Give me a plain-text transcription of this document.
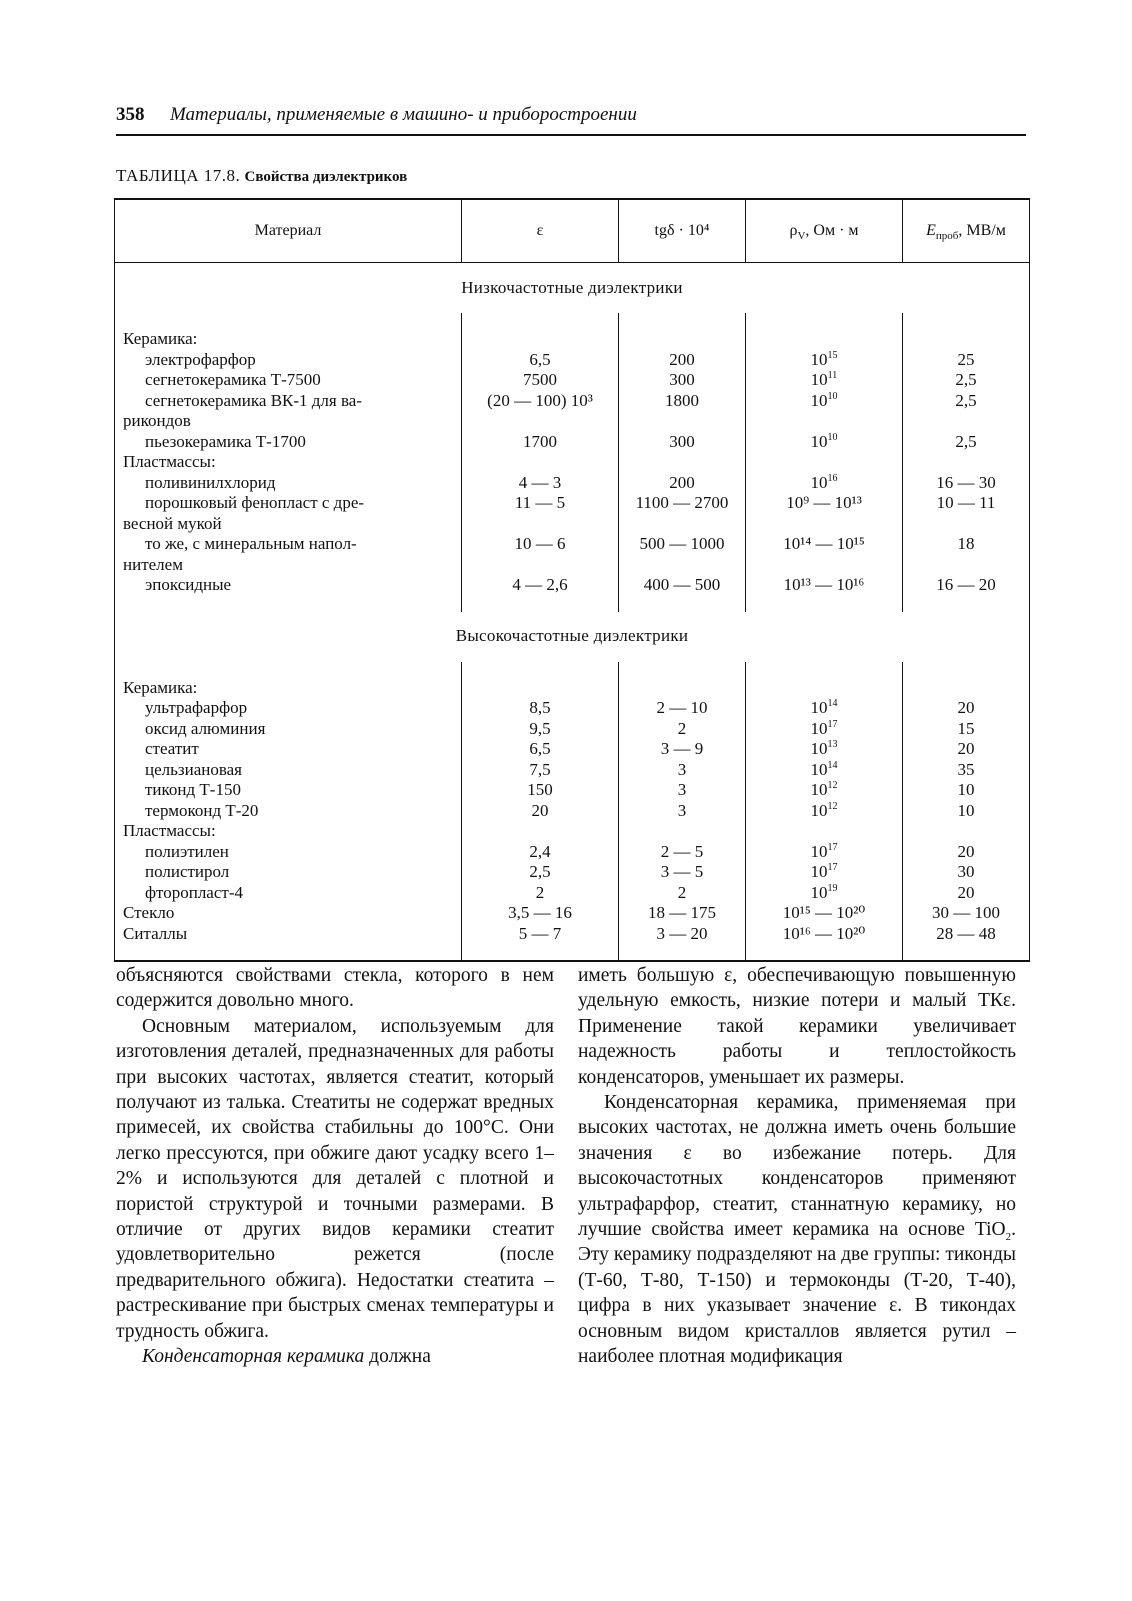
358 Материалы, применяемые в машино- и приборостроении
ТАБЛИЦА 17.8. Свойства диэлектриков
Материал	ε	tgδ · 10⁴	$\rho_V$, Ом · м	$E_{проб}$, МВ/м
Низкочастотные диэлектрики				

Керамика:				

электрофарфор	6,5	200	$10^{15}$	25

сегнетокерамика Т-7500	7500	300	$10^{11}$	2,5

сегнетокерамика ВК-1 для ва-
рикондов	(20 — 100) 10³	1800	$10^{10}$	2,5

пьезокерамика Т-1700	1700	300	$10^{10}$	2,5
Пластмассы:				

поливинилхлорид	4 — 3	200	$10^{16}$	16 — 30

порошковый фенопласт с дре-
весной мукой	11 — 5	1100 — 2700	10⁹ — 10¹³	10 — 11

то же, с минеральным напол-
нителем	10 — 6	500 — 1000	10¹⁴ — 10¹⁵	18

эпоксидные	4 — 2,6	400 — 500	10¹³ — 10¹⁶	16 — 20

Высокочастотные диэлектрики				

Керамика:				

ультрафарфор	8,5	2 — 10	$10^{14}$	20

оксид алюминия	9,5	2	$10^{17}$	15

стеатит	6,5	3 — 9	$10^{13}$	20

цельзиановая	7,5	3	$10^{14}$	35

тиконд Т-150	150	3	$10^{12}$	10

термоконд Т-20	20	3	$10^{12}$	10
Пластмассы:				

полиэтилен	2,4	2 — 5	$10^{17}$	20

полистирол	2,5	3 — 5	$10^{17}$	30

фторопласт-4	2	2	$10^{19}$	20
Стекло	3,5 — 16	18 — 175	10¹⁵ — 10²⁰	30 — 100
Ситаллы	5 — 7	3 — 20	10¹⁶ — 10²⁰	28 — 48

объясняются свойствами стекла, которого в нем содержится довольно много.

Основным материалом, используемым для изготовления деталей, предназначенных для работы при высоких частотах, является стеатит, который получают из талька. Стеатиты не содержат вредных примесей, их свойства стабильны до 100°С. Они легко прессуются, при обжиге дают усадку всего 1–2% и используются для деталей с плотной и пористой структурой и точными размерами. В отличие от других видов керамики стеатит удовлетворительно режется (после предварительного обжига). Недостатки стеатита – растрескивание при быстрых сменах температуры и трудность обжига.

Конденсаторная керамика должна

иметь большую ε, обеспечивающую повышенную удельную емкость, низкие потери и малый ТКε. Применение такой керамики увеличивает надежность работы и теплостойкость конденсаторов, уменьшает их размеры.

Конденсаторная керамика, применяемая при высоких частотах, не должна иметь очень большие значения ε во избежание потерь. Для высокочастотных конденсаторов применяют ультрафарфор, стеатит, станнатную керамику, но лучшие свойства имеет керамика на основе TiO$_2$. Эту керамику подразделяют на две группы: тиконды (Т-60, Т-80, Т-150) и термоконды (Т-20, Т-40), цифра в них указывает значение ε. В тикондах основным видом кристаллов является рутил – наиболее плотная модификация
